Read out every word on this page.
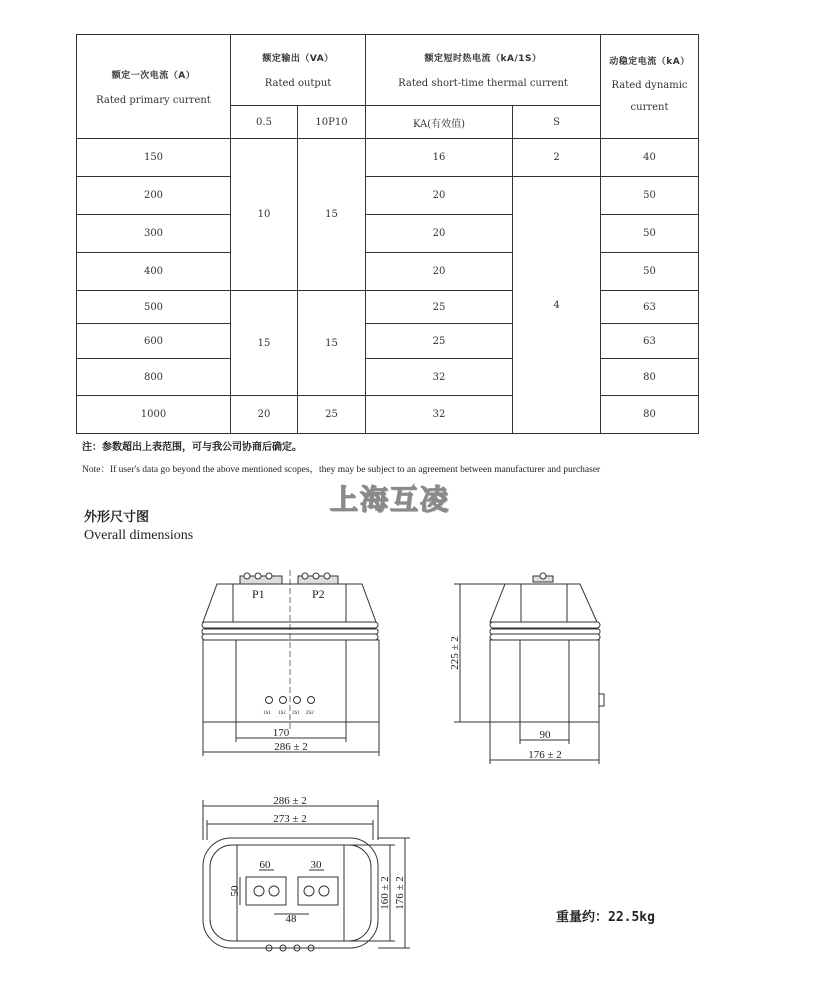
额定一次电流（A）
Rated primary current	额定输出（VA）
Rated output		额定短时热电流（kA/1S）
Rated short-time thermal current		动稳定电流（kA）
Rated dynamic current

	0.5	10P10	KA(有效值)	S	
150	10	15	16	2	40
200			20	4	50
300			20		50
400			20		50
500	15	15	25		63
600			25		63
800			32		80
1000	20	25	32		80
注：参数超出上表范围，可与我公司协商后确定。
Note：If user's data go beyond the above mentioned scopes，they may be subject to an agreement between manufacturer and purchaser
上海互凌
外形尺寸图
Overall dimensions
P1	P2
1S1 1S2 2S1 2S2
170
286 ± 2
225 ± 2
90
176 ± 2
286 ± 2
273 ± 2
60	30
50
48
160 ± 2 176 ± 2
重量约：22.5kg
